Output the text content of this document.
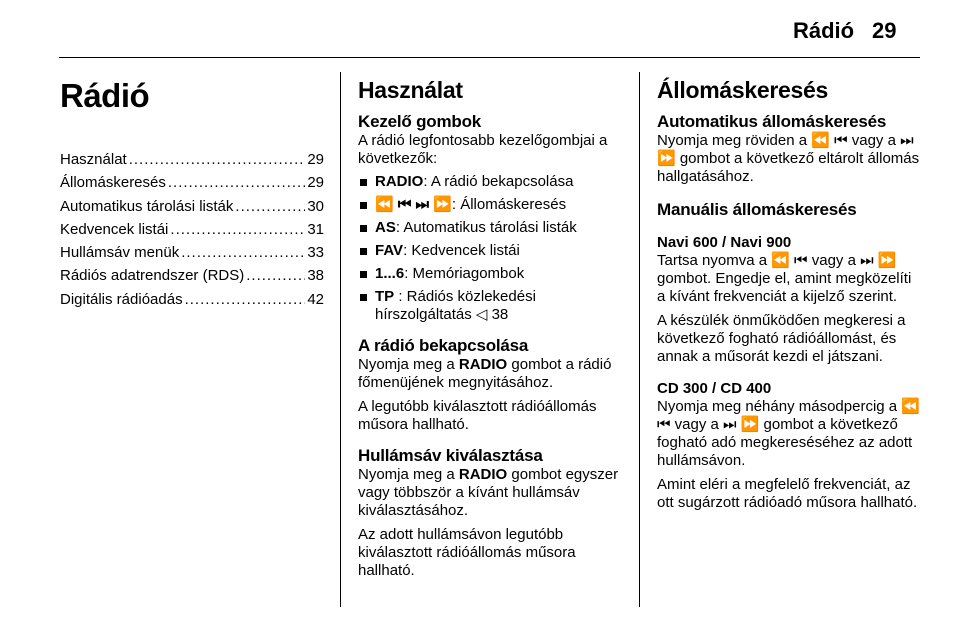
Rádió 29
Rádió
Használat .....	29
Állomáskeresés .....	29
Automatikus tárolási listák .....	30
Kedvencek listái .....	31
Hullámsáv menük .....	33
Rádiós adatrendszer (RDS) .....	38
Digitális rádióadás .....	42
Használat
Kezelő gombok

A rádió legfontosabb kezelőgombjai a következők:

RADIO: A rádió bekapcsolása
⏪ ⏮ ⏭ ⏩: Állomáskeresés
AS: Automatikus tárolási listák
FAV: Kedvencek listái
1...6: Memóriagombok
TP : Rádiós közlekedési hírszolgáltatás ◁ 38
A rádió bekapcsolása

Nyomja meg a RADIO gombot a rádió főmenüjének megnyitásához.

A legutóbb kiválasztott rádióállomás műsora hallható.

Hullámsáv kiválasztása

Nyomja meg a RADIO gombot egyszer vagy többször a kívánt hullámsáv kiválasztásához.

Az adott hullámsávon legutóbb kiválasztott rádióállomás műsora hallható.

Állomáskeresés
Automatikus állomáskeresés

Nyomja meg röviden a ⏪ ⏮ vagy a ⏭ ⏩ gombot a következő eltárolt állomás hallgatásához.

Manuális állomáskeresés
Navi 600 / Navi 900

Tartsa nyomva a ⏪ ⏮ vagy a ⏭ ⏩ gombot. Engedje el, amint megközelíti a kívánt frekvenciát a kijelző szerint.

A készülék önműködően megkeresi a következő fogható rádióállomást, és annak a műsorát kezdi el játszani.

CD 300 / CD 400

Nyomja meg néhány másodpercig a ⏪ ⏮ vagy a ⏭ ⏩ gombot a következő fogható adó megkereséséhez az adott hullámsávon.

Amint eléri a megfelelő frekvenciát, az ott sugárzott rádióadó műsora hallható.
